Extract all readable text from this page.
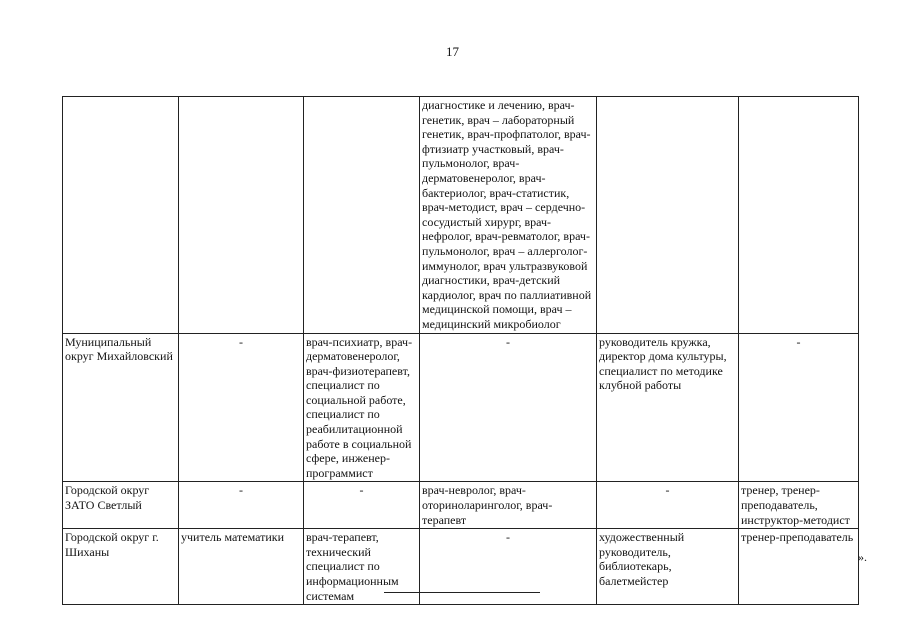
17
			диагностике и лечению, врач-генетик, врач – лабораторный генетик, врач-профпатолог, врач-фтизиатр участковый, врач-пульмонолог, врач-дерматовенеролог, врач-бактериолог, врач-статистик, врач-методист, врач – сердечно-сосудистый хирург, врач-нефролог, врач-ревматолог, врач-пульмонолог, врач – аллерголог-иммунолог, врач ультразвуковой диагностики, врач-детский кардиолог, врач по паллиативной медицинской помощи, врач – медицинский микробиолог		
Муниципальный округ Михайловский	-	врач-психиатр, врач-дерматовенеролог, врач-физиотерапевт, специалист по социальной работе, специалист по реабилитационной работе в социальной сфере, инженер-программист	-	руководитель кружка, директор дома культуры, специалист по методике клубной работы	-
Городской округ ЗАТО Светлый	-	-	врач-невролог, врач-оториноларинголог, врач-терапевт	-	тренер, тренер-преподаватель, инструктор-методист
Городской округ г. Шиханы	учитель математики	врач-терапевт, технический специалист по информационным системам	-	художественный руководитель, библиотекарь, балетмейстер	тренер-преподаватель
».
